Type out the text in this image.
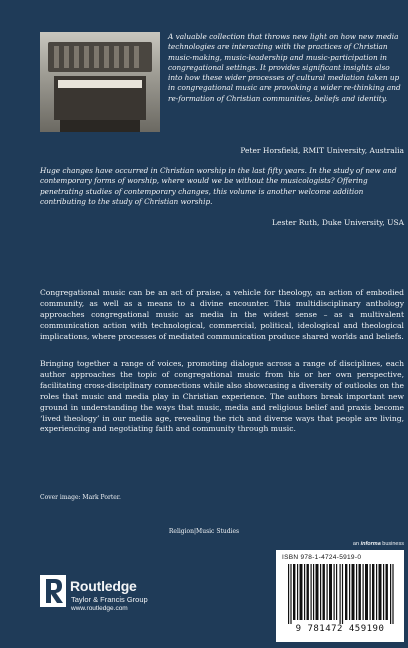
A valuable collection that throws new light on how new media technologies are interacting with the practices of Christian music-making, music-leadership and music-participation in congregational settings. It provides significant insights also into how these wider processes of cultural mediation taken up in congregational music are provoking a wider re-thinking and re-formation of Christian communities, beliefs and identity.

Peter Horsfield, RMIT University, Australia

Huge changes have occurred in Christian worship in the last fifty years. In the study of new and contemporary forms of worship, where would we be without the musicologists? Offering penetrating studies of contemporary changes, this volume is another welcome addition contributing to the study of Christian worship.

Lester Ruth, Duke University, USA

Congregational music can be an act of praise, a vehicle for theology, an action of embodied community, as well as a means to a divine encounter. This multidisciplinary anthology approaches congregational music as media in the widest sense – as a multivalent communication action with technological, commercial, political, ideological and theological implications, where processes of mediated communication produce shared worlds and beliefs.

Bringing together a range of voices, promoting dialogue across a range of disciplines, each author approaches the topic of congregational music from his or her own perspective, facilitating cross-disciplinary connections while also showcasing a diversity of outlooks on the roles that music and media play in Christian experience. The authors break important new ground in understanding the ways that music, media and religious belief and praxis become ‘lived theology’ in our media age, revealing the rich and diverse ways that people are living, experiencing and negotiating faith and community through music.

Cover image: Mark Porter.

Religion|Music Studies

an informa business

Routledge

Taylor & Francis Group

www.routledge.com

ISBN 978-1-4724-5919-0

9 781472 459190
